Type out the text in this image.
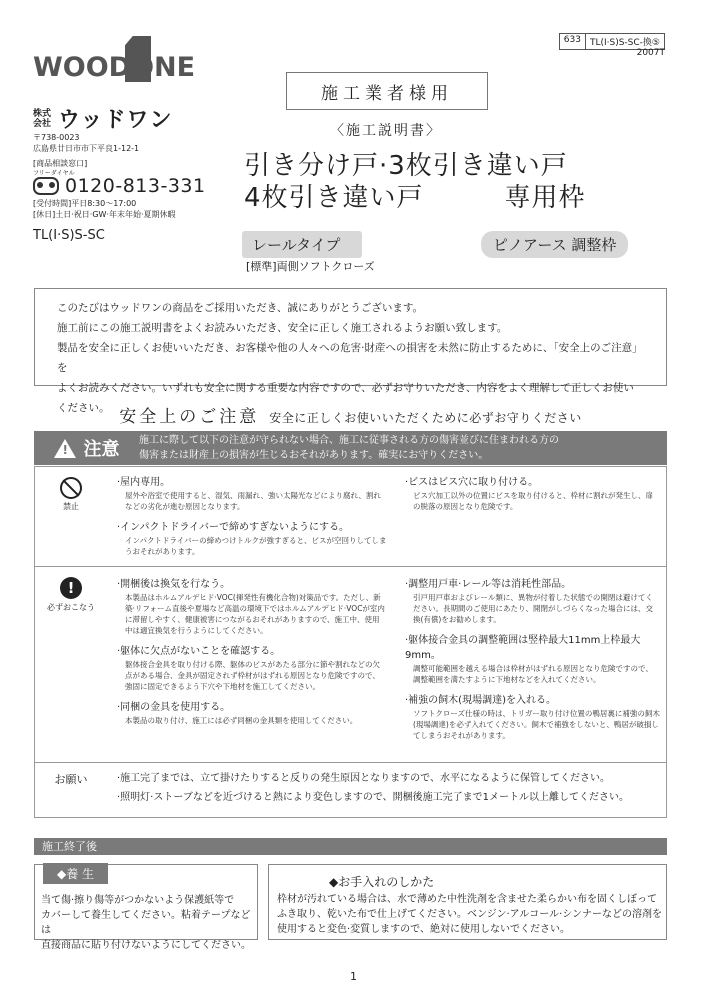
633	TL(I·S)S-SC-換⑤
2007T
WOODONE
株式会社 ウッドワン
〒738-0023
広島県廿日市市下平良1-12-1
[商品相談窓口]
フリーダイヤル
0120-813-331
[受付時間]平日8:30〜17:00
[休日]土日·祝日·GW·年末年始·夏期休暇
TL(I·S)S-SC
施工業者様用
〈施工説明書〉
引き分け戸·3枚引き違い戸
4枚引き違い戸　　　専用枠
レールタイプ	ピノアース 調整枠
[標準]両側ソフトクローズ
このたびはウッドワンの商品をご採用いただき、誠にありがとうございます。
施工前にこの施工説明書をよくお読みいただき、安全に正しく施工されるようお願い致します。
製品を安全に正しくお使いいただき、お客様や他の人々への危害·財産への損害を未然に防止するために、「安全上のご注意」を
よくお読みください。いずれも安全に関する重要な内容ですので、必ずお守りいただき、内容をよく理解して正しくお使いください。 安全上のご注意 安全に正しくお使いいただくために必ずお守りください
! 注意 施工に際して以下の注意が守られない場合、施工に従事される方の傷害並びに住まわれる方の
傷害または財産上の損害が生じるおそれがあります。確実にお守りください。
禁止
·屋内専用。
屋外や浴室で使用すると、湿気、雨漏れ、強い太陽光などにより腐れ、割れなどの劣化が進む原因となります。
·インパクトドライバーで締めすぎないようにする。
インパクトドライバーの締めつけトルクが強すぎると、ビスが空回りしてしまうおそれがあります。
·ビスはビス穴に取り付ける。
ビス穴加工以外の位置にビスを取り付けると、枠材に割れが発生し、扉の脱落の原因となり危険です。
!
必ずおこなう
·開梱後は換気を行なう。
本製品はホルムアルデヒド·VOC(揮発性有機化合物)対策品です。ただし、新築·リフォーム直後や夏場など高温の環境下ではホルムアルデヒド·VOCが室内に滞留しやすく、健康被害につながるおそれがありますので、施工中、使用中は適宜換気を行うようにしてください。
·躯体に欠点がないことを確認する。
躯体接合金具を取り付ける際、躯体のビスがあたる部分に節や割れなどの欠点がある場合、金具が固定されず枠材がはずれる原因となり危険ですので、強固に固定できるよう下穴や下地材を施工してください。
·同梱の金具を使用する。
本製品の取り付け、施工には必ず同梱の金具類を使用してください。
·調整用戸車·レール等は消耗性部品。
引戸用戸車およびレール類に、異物が付着した状態での開閉は避けてください。長期間のご使用にあたり、開閉がしづらくなった場合には、交換(有償)をお勧めします。
·躯体接合金具の調整範囲は竪枠最大11mm上枠最大9mm。
調整可能範囲を越える場合は枠材がはずれる原因となり危険ですので、調整範囲を満たすように下地材などを入れてください。
·補強の飼木(現場調達)を入れる。
ソフトクローズ仕様の時は、トリガー取り付け位置の鴨居裏に補強の飼木(現場調達)を必ず入れてください。飼木で補強をしないと、鴨居が破損してしまうおそれがあります。
お願い	·施工完了までは、立て掛けたりすると反りの発生原因となりますので、水平になるように保管してください。
·照明灯·ストーブなどを近づけると熱により変色しますので、開梱後施工完了まで1メートル以上離してください。
施工終了後
◆養 生
当て傷·擦り傷等がつかないよう保護紙等で
カバーして養生してください。粘着テープなどは
直接商品に貼り付けないようにしてください。
◆お手入れのしかた
枠材が汚れている場合は、水で薄めた中性洗剤を含ませた柔らかい布を固くしぼって
ふき取り、乾いた布で仕上げてください。ベンジン·アルコール·シンナーなどの溶剤を
使用すると変色·変質しますので、絶対に使用しないでください。
1
